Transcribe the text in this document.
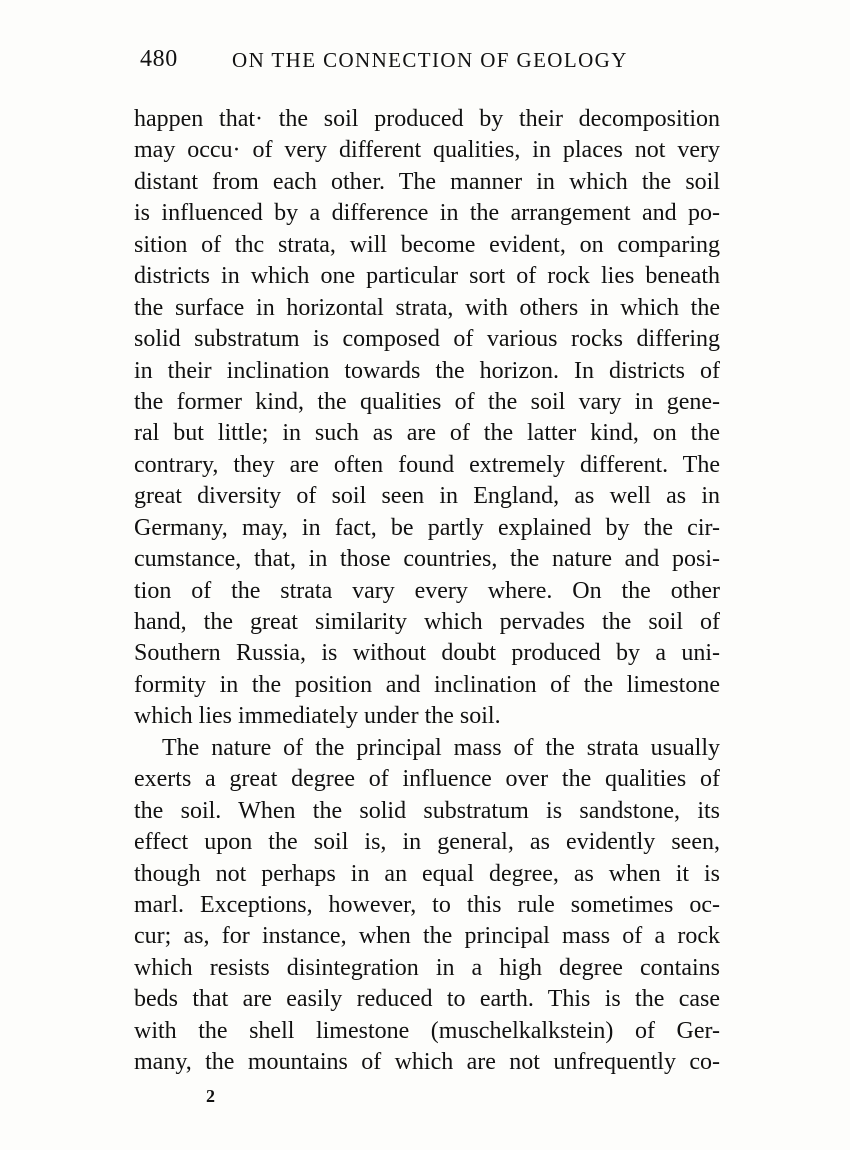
480	ON THE CONNECTION OF GEOLOGY
happen that· the soil produced by their decomposition
may occu· of very different qualities, in places not very
distant from each other. The manner in which the soil
is influenced by a difference in the arrangement and po-
sition of thc strata, will become evident, on comparing
districts in which one particular sort of rock lies beneath
the surface in horizontal strata, with others in which the
solid substratum is composed of various rocks differing
in their inclination towards the horizon. In districts of
the former kind, the qualities of the soil vary in gene-
ral but little; in such as are of the latter kind, on the
contrary, they are often found extremely different. The
great diversity of soil seen in England, as well as in
Germany, may, in fact, be partly explained by the cir-
cumstance, that, in those countries, the nature and posi-
tion of the strata vary every where. On the other
hand, the great similarity which pervades the soil of
Southern Russia, is without doubt produced by a uni-
formity in the position and inclination of the limestone
which lies immediately under the soil.
The nature of the principal mass of the strata usually
exerts a great degree of influence over the qualities of
the soil. When the solid substratum is sandstone, its
effect upon the soil is, in general, as evidently seen,
though not perhaps in an equal degree, as when it is
marl. Exceptions, however, to this rule sometimes oc-
cur; as, for instance, when the principal mass of a rock
which resists disintegration in a high degree contains
beds that are easily reduced to earth. This is the case
with the shell limestone (muschelkalkstein) of Ger-
many, the mountains of which are not unfrequently co-
2
